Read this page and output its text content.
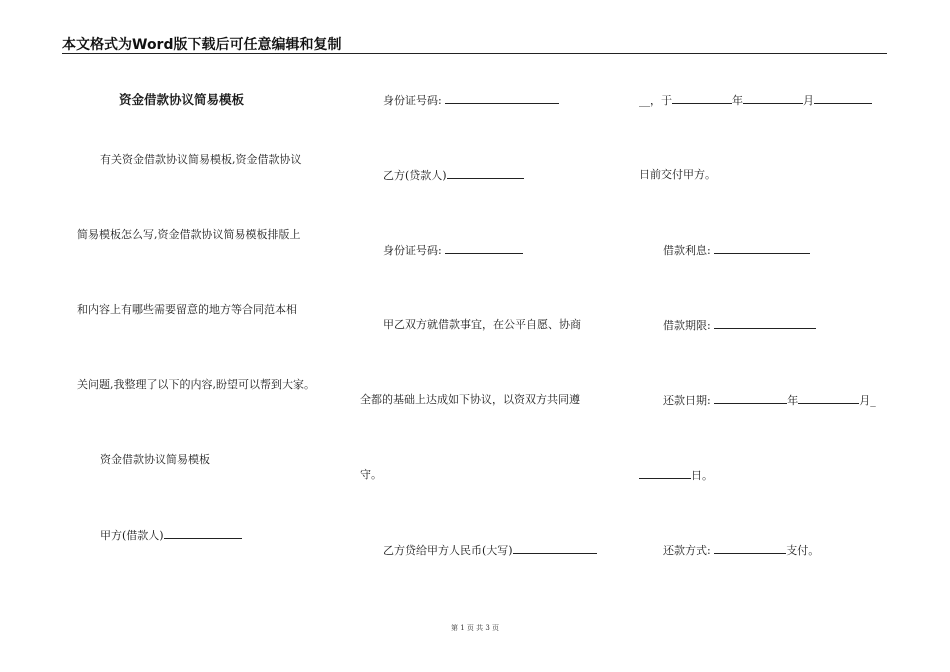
本文格式为Word版下载后可任意编辑和复制
资金借款协议简易模板
有关资金借款协议简易模板,资金借款协议
简易模板怎么写,资金借款协议简易模板排版上
和内容上有哪些需要留意的地方等合同范本相
关问题,我整理了以下的内容,盼望可以帮到大家。
资金借款协议简易模板
甲方(借款人)
身份证号码:
乙方(贷款人)
身份证号码:
甲乙双方就借款事宜，在公平自愿、协商
全都的基础上达成如下协议，以资双方共同遵
守。
乙方贷给甲方人民币(大写)
__，于	年	月
日前交付甲方。
借款利息:
借款期限:
还款日期:	年	月_
日。
还款方式:	支付。
第 1 页 共 3 页
